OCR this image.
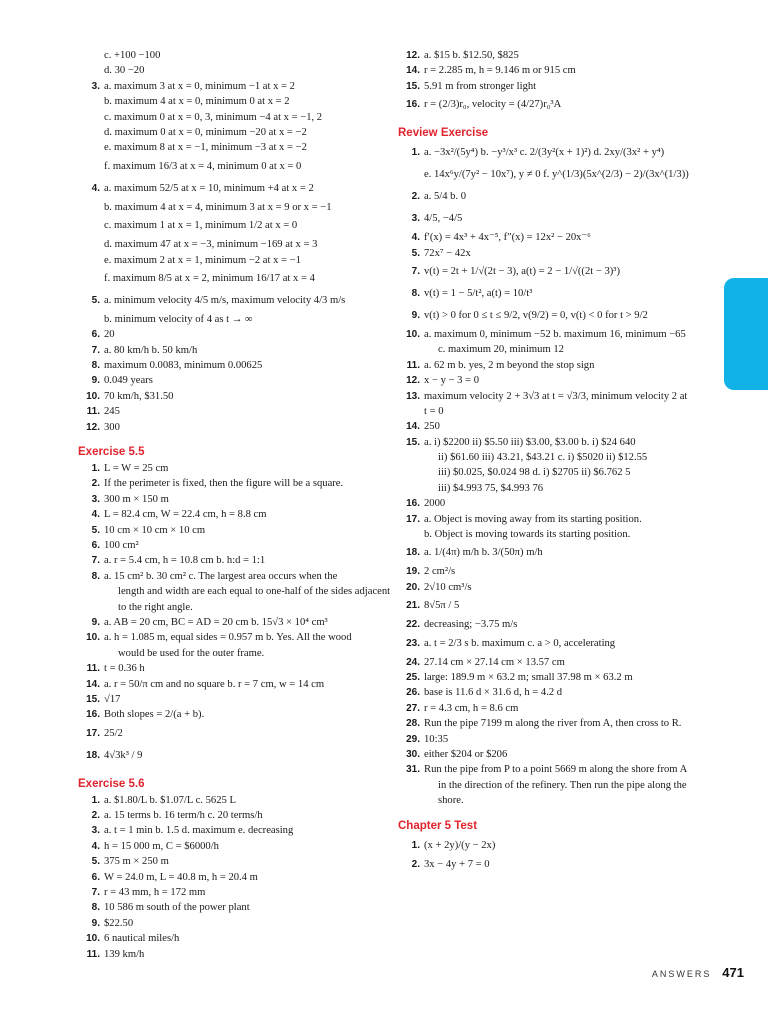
c. +100 −100
d. 30 −20
3. a. maximum 3 at x = 0, minimum −1 at x = 2
b. maximum 4 at x = 0, minimum 0 at x = 2
c. maximum 0 at x = 0, 3, minimum −4 at x = −1, 2
d. maximum 0 at x = 0, minimum −20 at x = −2
e. maximum 8 at x = −1, minimum −3 at x = −2
f. maximum 16/3 at x = 4, minimum 0 at x = 0
4. a. maximum 52/5 at x = 10, minimum +4 at x = 2
b. maximum 4 at x = 4, minimum 3 at x = 9 or x = −1
c. maximum 1 at x = 1, minimum 1/2 at x = 0
d. maximum 47 at x = −3, minimum −169 at x = 3
e. maximum 2 at x = 1, minimum −2 at x = −1
f. maximum 8/5 at x = 2, minimum 16/17 at x = 4
5. a. minimum velocity 4/5 m/s, maximum velocity 4/3 m/s
b. minimum velocity of 4 as t → ∞
6. 20
7. a. 80 km/h b. 50 km/h
8. maximum 0.0083, minimum 0.00625
9. 0.049 years
10. 70 km/h, $31.50
11. 245
12. 300
Exercise 5.5
1. L = W = 25 cm
2. If the perimeter is fixed, then the figure will be a square.
3. 300 m × 150 m
4. L = 82.4 cm, W = 22.4 cm, h = 8.8 cm
5. 10 cm × 10 cm × 10 cm
6. 100 cm²
7. a. r = 5.4 cm, h = 10.8 cm b. h:d = 1:1
8. a. 15 cm² b. 30 cm² c. The largest area occurs when the
length and width are each equal to one-half of the sides adjacent
to the right angle.
9. a. AB = 20 cm, BC = AD = 20 cm b. 15√3 × 10⁴ cm³
10. a. h = 1.085 m, equal sides = 0.957 m b. Yes. All the wood
would be used for the outer frame.
11. t = 0.36 h
14. a. r = 50/π cm and no square b. r = 7 cm, w = 14 cm
15. √17
16. Both slopes = 2/(a + b).
17. 25/2
18. 4√3k³ / 9
Exercise 5.6
1. a. $1.80/L b. $1.07/L c. 5625 L
2. a. 15 terms b. 16 term/h c. 20 terms/h
3. a. t = 1 min b. 1.5 d. maximum e. decreasing
4. h = 15 000 m, C = $6000/h
5. 375 m × 250 m
6. W = 24.0 m, L = 40.8 m, h = 20.4 m
7. r = 43 mm, h = 172 mm
8. 10 586 m south of the power plant
9. $22.50
10. 6 nautical miles/h
11. 139 km/h
12. a. $15 b. $12.50, $825
14. r = 2.285 m, h = 9.146 m or 915 cm
15. 5.91 m from stronger light
16. r = (2/3)r₀, velocity = (4/27)r₀³A
Review Exercise
1. a. −3x²/(5y⁴) b. −y³/x³ c. 2/(3y²(x + 1)²) d. 2xy/(3x² + y⁴)
e. 14x⁶y/(7y² − 10x⁷), y ≠ 0 f. y^(1/3)(5x^(2/3) − 2)/(3x^(1/3))
2. a. 5/4 b. 0
3. 4/5, −4/5
4. f′(x) = 4x³ + 4x⁻⁵, f″(x) = 12x² − 20x⁻⁶
5. 72x⁷ − 42x
7. v(t) = 2t + 1/√(2t − 3), a(t) = 2 − 1/√((2t − 3)³)
8. v(t) = 1 − 5/t², a(t) = 10/t³
9. v(t) > 0 for 0 ≤ t ≤ 9/2, v(9/2) = 0, v(t) < 0 for t > 9/2
10. a. maximum 0, minimum −52 b. maximum 16, minimum −65
c. maximum 20, minimum 12
11. a. 62 m b. yes, 2 m beyond the stop sign
12. x − y − 3 = 0
13. maximum velocity 2 + 3√3 at t = √3/3, minimum velocity 2 at
t = 0
14. 250
15. a. i) $2200 ii) $5.50 iii) $3.00, $3.00 b. i) $24 640
ii) $61.60 iii) 43.21, $43.21 c. i) $5020 ii) $12.55
iii) $0.025, $0.024 98 d. i) $2705 ii) $6.762 5
iii) $4.993 75, $4.993 76
16. 2000
17. a. Object is moving away from its starting position.
b. Object is moving towards its starting position.
18. a. 1/(4π) m/h b. 3/(50π) m/h
19. 2 cm²/s
20. 2√10 cm³/s
21. 8√5π / 5
22. decreasing; −3.75 m/s
23. a. t = 2/3 s b. maximum c. a > 0, accelerating
24. 27.14 cm × 27.14 cm × 13.57 cm
25. large: 189.9 m × 63.2 m; small 37.98 m × 63.2 m
26. base is 11.6 d × 31.6 d, h = 4.2 d
27. r = 4.3 cm, h = 8.6 cm
28. Run the pipe 7199 m along the river from A, then cross to R.
29. 10:35
30. either $204 or $206
31. Run the pipe from P to a point 5669 m along the shore from A
in the direction of the refinery. Then run the pipe along the
shore.
Chapter 5 Test
1. (x + 2y)/(y − 2x)
2. 3x − 4y + 7 = 0
ANSWERS 471
